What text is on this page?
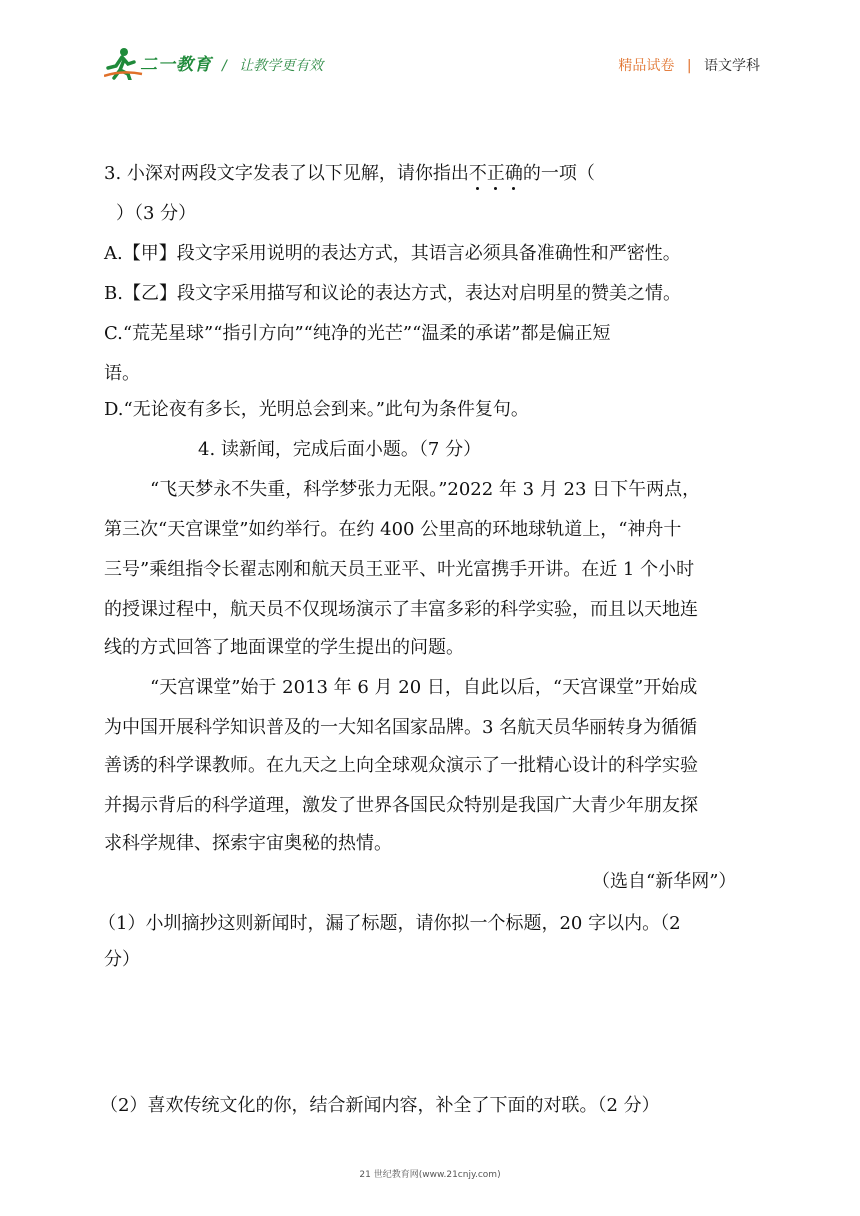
二一教育 / 让教学更有效	精品试卷 | 语文学科
3. 小深对两段文字发表了以下见解，请你指出不正确的一项（
）（3 分）
A.【甲】段文字采用说明的表达方式，其语言必须具备准确性和严密性。
B.【乙】段文字采用描写和议论的表达方式，表达对启明星的赞美之情。
C.“荒芜星球”“指引方向”“纯净的光芒”“温柔的承诺”都是偏正短
语。
D.“无论夜有多长，光明总会到来。”此句为条件复句。
4. 读新闻，完成后面小题。（7 分）
“飞天梦永不失重，科学梦张力无限。”2022 年 3 月 23 日下午两点，
第三次“天宫课堂”如约举行。在约 400 公里高的环地球轨道上，“神舟十
三号”乘组指令长翟志刚和航天员王亚平、叶光富携手开讲。在近 1 个小时
的授课过程中，航天员不仅现场演示了丰富多彩的科学实验，而且以天地连
线的方式回答了地面课堂的学生提出的问题。
“天宫课堂”始于 2013 年 6 月 20 日，自此以后，“天宫课堂”开始成
为中国开展科学知识普及的一大知名国家品牌。3 名航天员华丽转身为循循
善诱的科学课教师。在九天之上向全球观众演示了一批精心设计的科学实验
并揭示背后的科学道理，激发了世界各国民众特别是我国广大青少年朋友探
求科学规律、探索宇宙奥秘的热情。
（选自“新华网”）
（1）小圳摘抄这则新闻时，漏了标题，请你拟一个标题，20 字以内。（2
分）
（2）喜欢传统文化的你，结合新闻内容，补全了下面的对联。（2 分）
21 世纪教育网(www.21cnjy.com)
